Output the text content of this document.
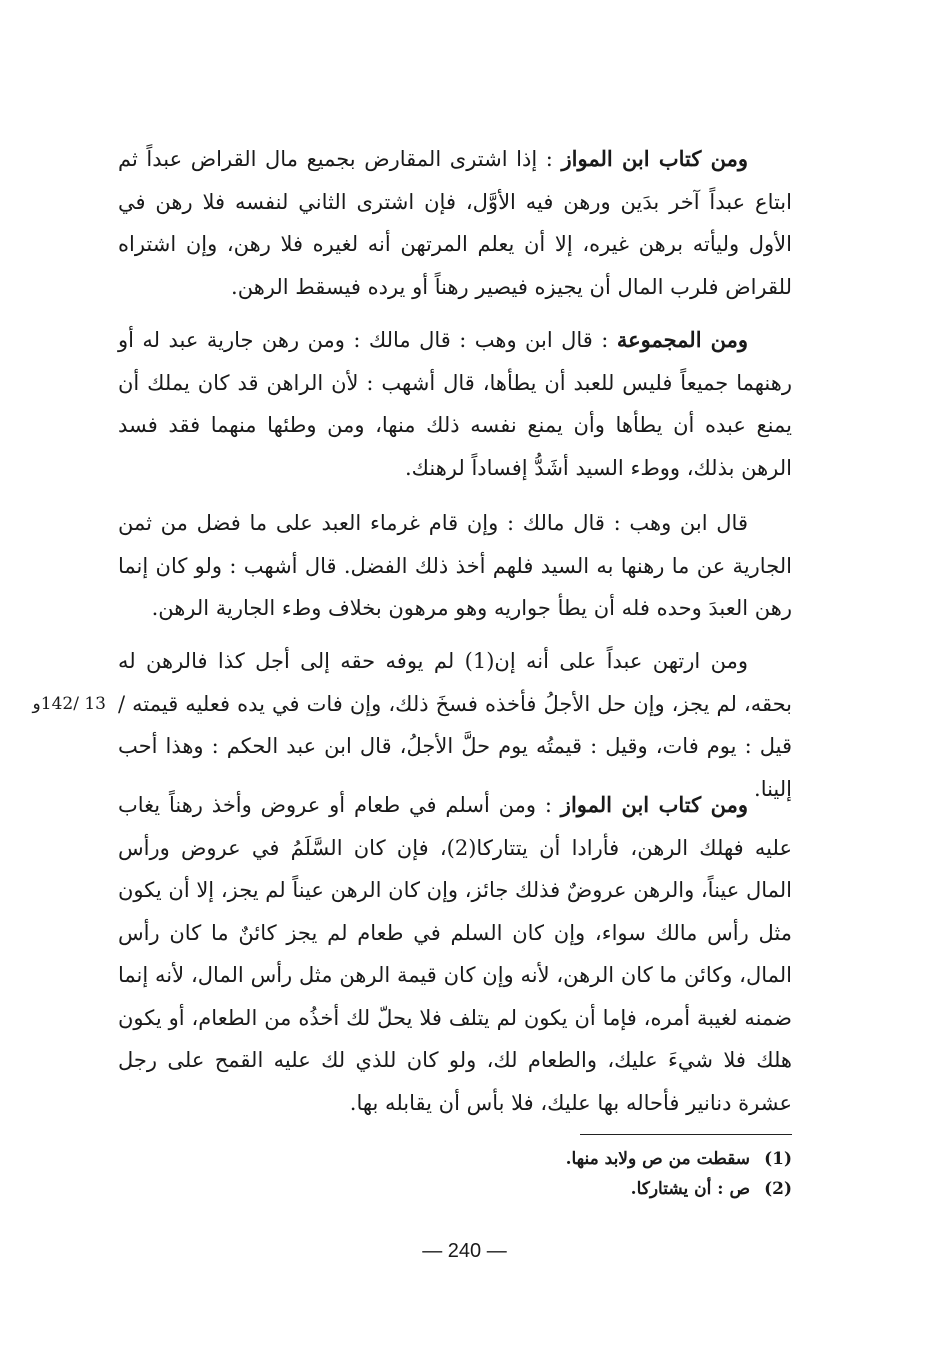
ومن كتاب ابن المواز : إذا اشترى المقارض بجميع مال القراض عبداً ثم ابتاع عبداً آخر بدَين ورهن فيه الأوَّل، فإن اشترى الثاني لنفسه فلا رهن في الأول وليأته برهن غيره، إلا أن يعلم المرتهن أنه لغيره فلا رهن، وإن اشتراه للقراض فلرب المال أن يجيزه فيصير رهناً أو يرده فيسقط الرهن.

ومن المجموعة : قال ابن وهب : قال مالك : ومن رهن جارية عبد له أو رهنهما جميعاً فليس للعبد أن يطأها، قال أشهب : لأن الراهن قد كان يملك أن يمنع عبده أن يطأها وأن يمنع نفسه ذلك منها، ومن وطئها منهما فقد فسد الرهن بذلك، ووطء السيد أشَدُّ إفساداً لرهنك.

قال ابن وهب : قال مالك : وإن قام غرماء العبد على ما فضل من ثمن الجارية عن ما رهنها به السيد فلهم أخذ ذلك الفضل. قال أشهب : ولو كان إنما رهن العبدَ وحده فله أن يطأ جواريه وهو مرهون بخلاف وطء الجارية الرهن.

ومن ارتهن عبداً على أنه إن(1) لم يوفه حقه إلى أجل كذا فالرهن له بحقه، لم يجز، وإن حل الأجلُ فأخذه فسخَ ذلك، وإن فات في يده فعليه قيمته / قيل : يوم فات، وقيل : قيمتُه يوم حلَّ الأجلُ، قال ابن عبد الحكم : وهذا أحب إلينا.

ومن كتاب ابن المواز : ومن أسلم في طعام أو عروض وأخذ رهناً يغاب عليه فهلك الرهن، فأرادا أن يتتاركا(2)، فإن كان السَّلَمُ في عروض ورأس المال عيناً، والرهن عروضٌ فذلك جائز، وإن كان الرهن عيناً لم يجز، إلا أن يكون مثل رأس مالك سواء، وإن كان السلم في طعام لم يجز كائنٌ ما كان رأس المال، وكائن ما كان الرهن، لأنه وإن كان قيمة الرهن مثل رأس المال، لأنه إنما ضمنه لغيبة أمره، فإما أن يكون لم يتلف فلا يحلّ لك أخذُه من الطعام، أو يكون هلك فلا شيءَ عليك، والطعام لك، ولو كان للذي لك عليه القمح على رجل عشرة دنانير فأحاله بها عليك، فلا بأس أن يقابله بها.

13 /142و
(1)
سقطت من ص ولابد منها.
(2)
ص : أن يشتاركا.
— 240 —
